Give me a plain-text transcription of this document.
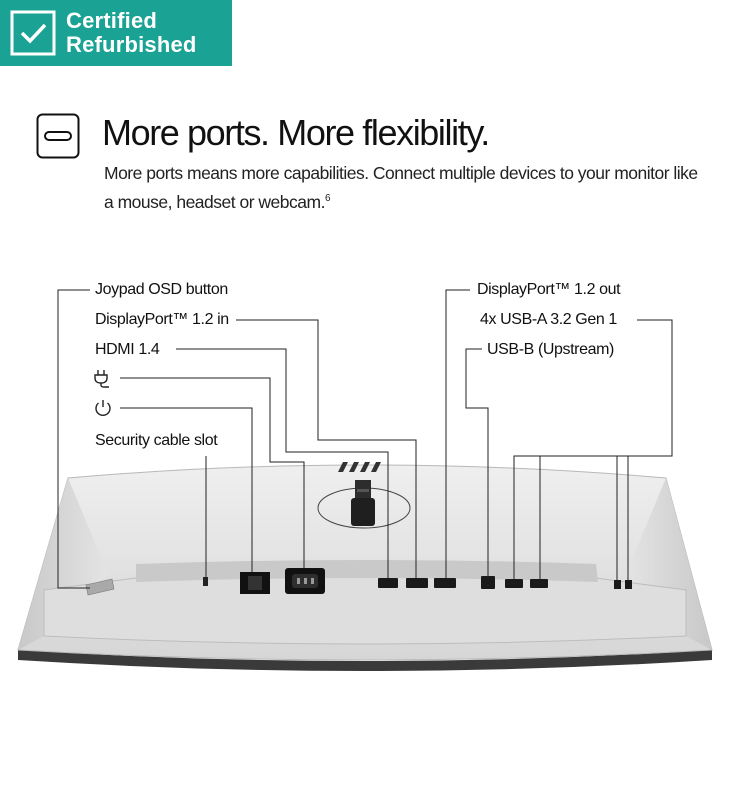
Certified
Refurbished
More ports. More flexibility.
More ports means more capabilities. Connect multiple devices to your monitor like a mouse, headset or webcam.$^6$
Joypad OSD button
DisplayPort™ 1.2 in
HDMI 1.4
Security cable slot
DisplayPort™ 1.2 out
4x USB-A 3.2 Gen 1
USB-B (Upstream)
